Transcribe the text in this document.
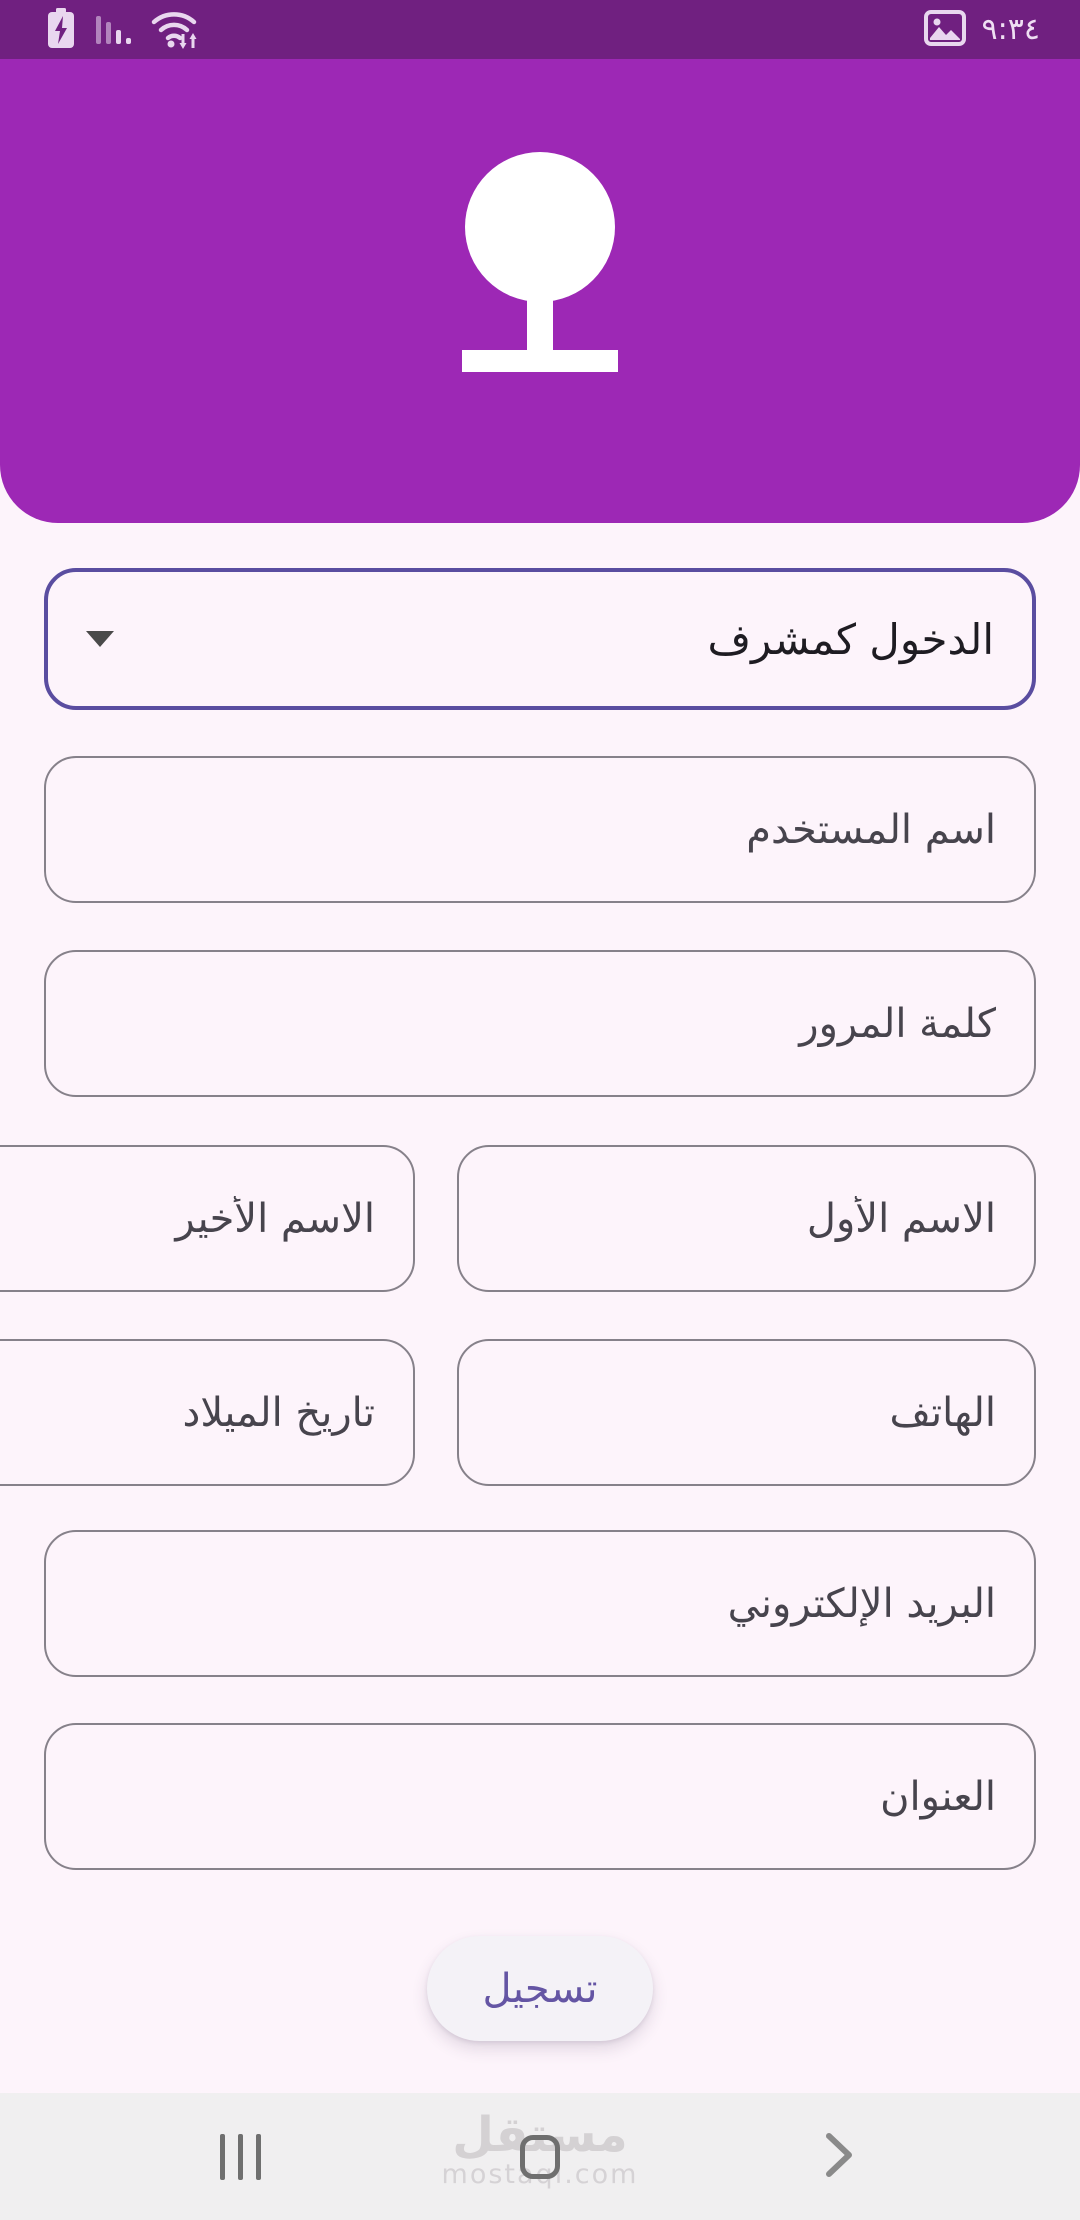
٩:٣٤
الدخول كمشرف
اسم المستخدم
كلمة المرور
الاسم الأول
الاسم الأخير
الهاتف
تاريخ الميلاد
البريد الإلكتروني
العنوان
تسجيل
مستقل
mostaql.com
